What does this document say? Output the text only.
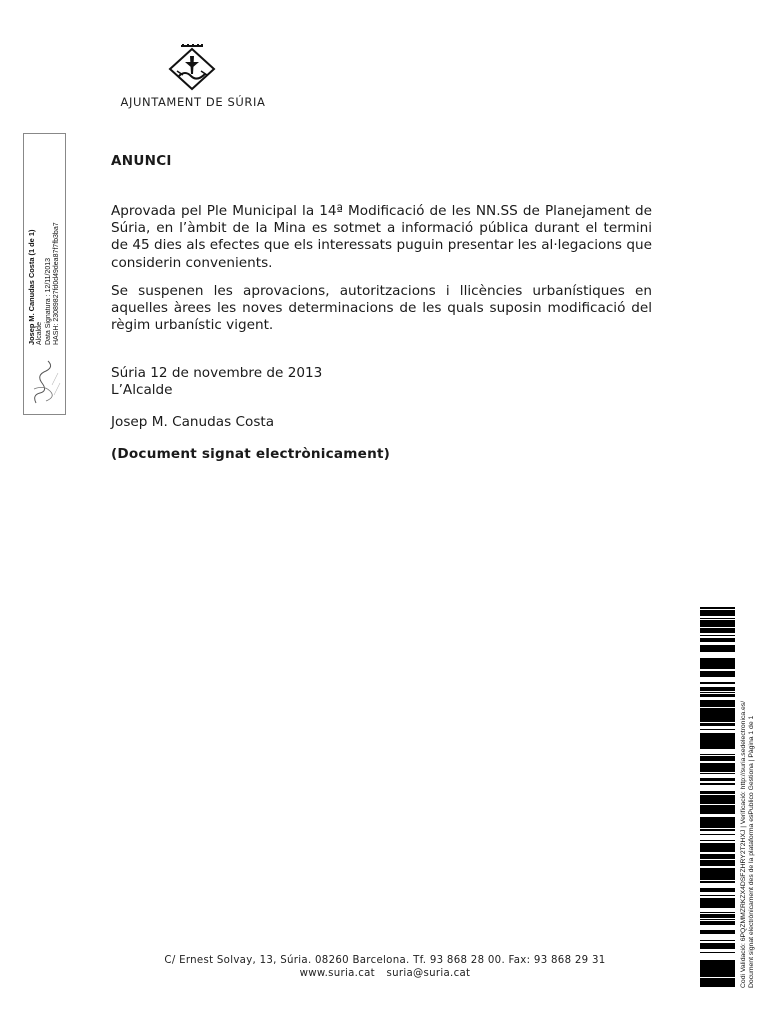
AJUNTAMENT DE SÚRIA
Josep M. Canudas Costa (1 de 1) Alcalde Data Signatura : 12/11/2013 HASH: 23089827fd0d49dea87f7fb3ba7
ANUNCI
Aprovada pel Ple Municipal la 14ª Modificació de les NN.SS de Planejament de Súria, en l’àmbit de la Mina es sotmet a informació pública durant el termini de 45 dies als efectes que els interessats puguin presentar les al·legacions que considerin convenients.
Se suspenen les aprovacions, autoritzacions i llicències urbanístiques en aquelles àrees les noves determinacions de les quals suposin modificació del règim urbanístic vigent.
Súria 12 de novembre de 2013
L’Alcalde
Josep M. Canudas Costa
(Document signat electrònicament)
C/ Ernest Solvay, 13, Súria. 08260 Barcelona. Tf. 93 868 28 00. Fax: 93 868 29 31
www.suria.cat suria@suria.cat	Codi Validació: 6PQZMMZRKZX4DSFZHRY2T2HXJ | Verificació: http://suria.sedelectronica.es/ Document signat electrònicament des de la plataforma esPublico Gestiona | Pàgina 1 de 1
